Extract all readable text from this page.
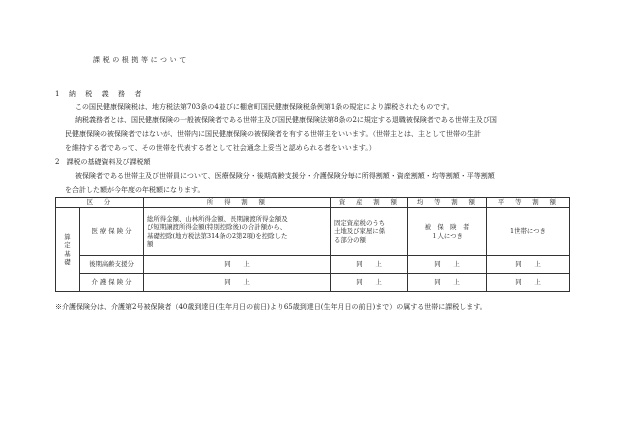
課税の根拠等について
1　納　税　義　務　者
この国民健康保険税は、地方税法第703条の4並びに棚倉町国民健康保険税条例第1条の規定により課税されたものです。
納税義務者とは、国民健康保険の一般被保険者である世帯主及び国民健康保険法第8条の2に規定する退職被保険者である世帯主及び国
民健康保険の被保険者ではないが、世帯内に国民健康保険の被保険者を有する世帯主をいいます。（世帯主とは、主として世帯の生計
を維持する者であって、その世帯を代表する者として社会通念上妥当と認められる者をいいます。）
2　課税の基礎資料及び課税額
被保険者である世帯主及び世帯員について、医療保険分・後期高齢支援分・介護保険分毎に所得割額・資産割額・均等割額・平等割額
を合計した額が今年度の年税額になります。
区　分		所　得　割　額	資　産　割　額	均　等　割　額	平　等　割　額
算
定
基
礎	医 療 保 険 分	総所得金額、山林所得金額、長期譲渡所得金額及
び短期譲渡所得金額(特別控除後)の合計額から、
基礎控除(地方税法第314条の2第2項)を控除した
額	固定資産税のうち
土地及び家屋に係
る部分の額	被　保　険　者
１人につき	1世帯につき
	後期高齢支援分	同　　上	同　　上	同　　上	同　　上
	介 護 保 険 分	同　　上	同　　上	同　　上	同　　上
※介護保険分は、介護第2号被保険者（40歳到達日(生年月日の前日)より65歳到達日(生年月日の前日)まで）の属する世帯に課税します。
